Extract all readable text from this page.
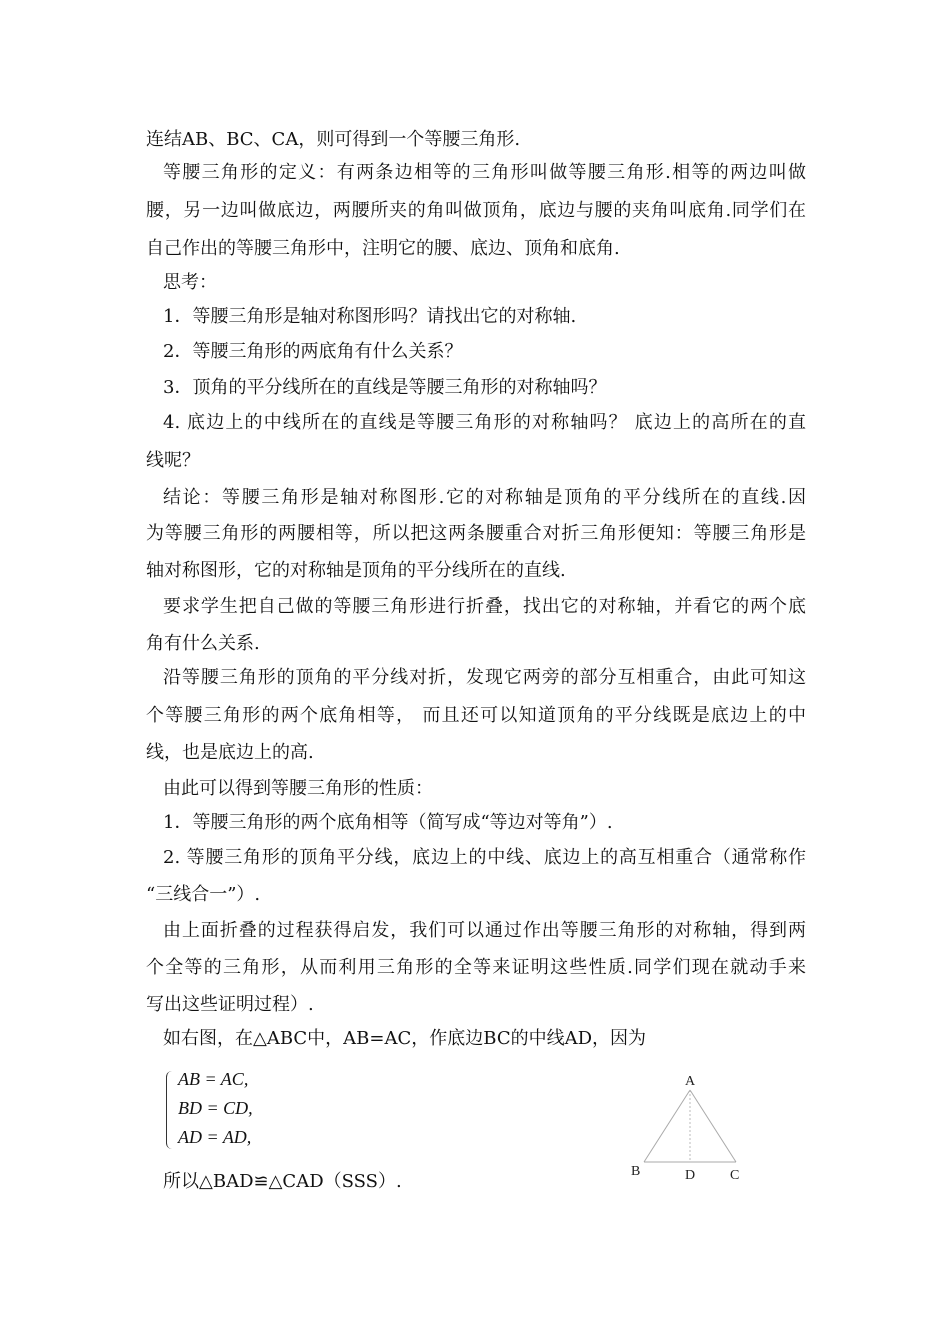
连结AB、BC、CA，则可得到一个等腰三角形.
等腰三角形的定义：有两条边相等的三角形叫做等腰三角形.相等的两边叫做
腰，另一边叫做底边，两腰所夹的角叫做顶角，底边与腰的夹角叫底角.同学们在
自己作出的等腰三角形中，注明它的腰、底边、顶角和底角.
思考：
1．等腰三角形是轴对称图形吗？请找出它的对称轴.
2．等腰三角形的两底角有什么关系？
3．顶角的平分线所在的直线是等腰三角形的对称轴吗？
4. 底边上的中线所在的直线是等腰三角形的对称轴吗？ 底边上的高所在的直
线呢？
结论：等腰三角形是轴对称图形.它的对称轴是顶角的平分线所在的直线.因
为等腰三角形的两腰相等，所以把这两条腰重合对折三角形便知：等腰三角形是
轴对称图形，它的对称轴是顶角的平分线所在的直线.
要求学生把自己做的等腰三角形进行折叠，找出它的对称轴，并看它的两个底
角有什么关系.
沿等腰三角形的顶角的平分线对折，发现它两旁的部分互相重合，由此可知这
个等腰三角形的两个底角相等， 而且还可以知道顶角的平分线既是底边上的中
线，也是底边上的高.
由此可以得到等腰三角形的性质：
1．等腰三角形的两个底角相等（简写成“等边对等角”）.
2. 等腰三角形的顶角平分线，底边上的中线、底边上的高互相重合（通常称作
“三线合一”）.
由上面折叠的过程获得启发，我们可以通过作出等腰三角形的对称轴，得到两
个全等的三角形，从而利用三角形的全等来证明这些性质.同学们现在就动手来
写出这些证明过程）.
如右图，在△ABC中，AB=AC，作底边BC的中线AD，因为
AB = AC,
BD = CD,
AD = AD,
所以△BAD≌△CAD（SSS）.
A
B	D C
